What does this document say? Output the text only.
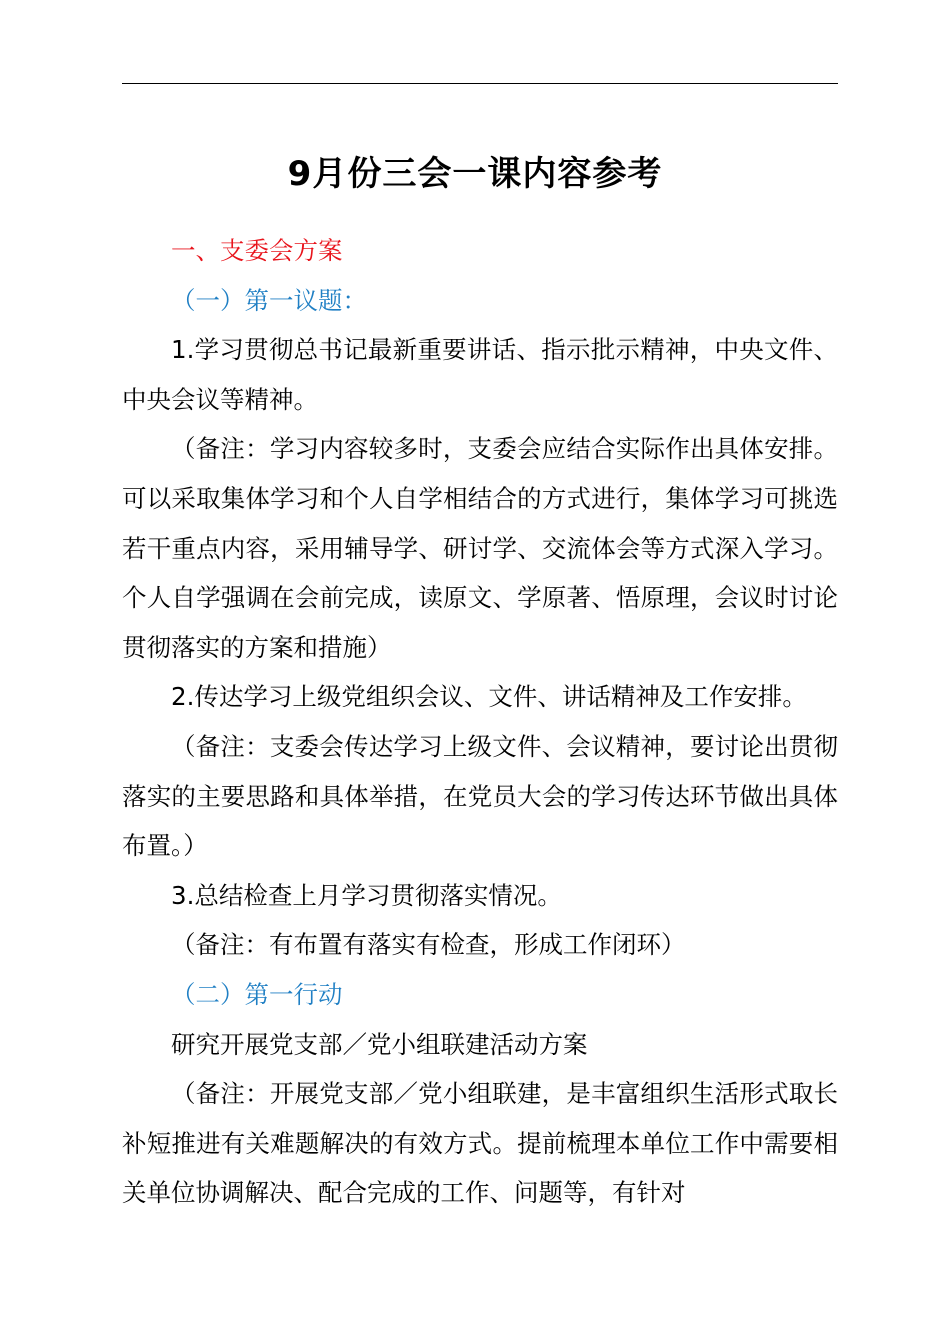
9月份三会一课内容参考

一、支委会方案

（一）第一议题：

1.学习贯彻总书记最新重要讲话、指示批示精神，中央文件、中央会议等精神。

（备注：学习内容较多时，支委会应结合实际作出具体安排。可以采取集体学习和个人自学相结合的方式进行，集体学习可挑选若干重点内容，采用辅导学、研讨学、交流体会等方式深入学习。个人自学强调在会前完成，读原文、学原著、悟原理，会议时讨论贯彻落实的方案和措施）

2.传达学习上级党组织会议、文件、讲话精神及工作安排。

（备注：支委会传达学习上级文件、会议精神，要讨论出贯彻落实的主要思路和具体举措，在党员大会的学习传达环节做出具体布置。）

3.总结检查上月学习贯彻落实情况。

（备注：有布置有落实有检查，形成工作闭环）

（二）第一行动

研究开展党支部／党小组联建活动方案

（备注：开展党支部／党小组联建，是丰富组织生活形式取长补短推进有关难题解决的有效方式。提前梳理本单位工作中需要相关单位协调解决、配合完成的工作、问题等，有针对
